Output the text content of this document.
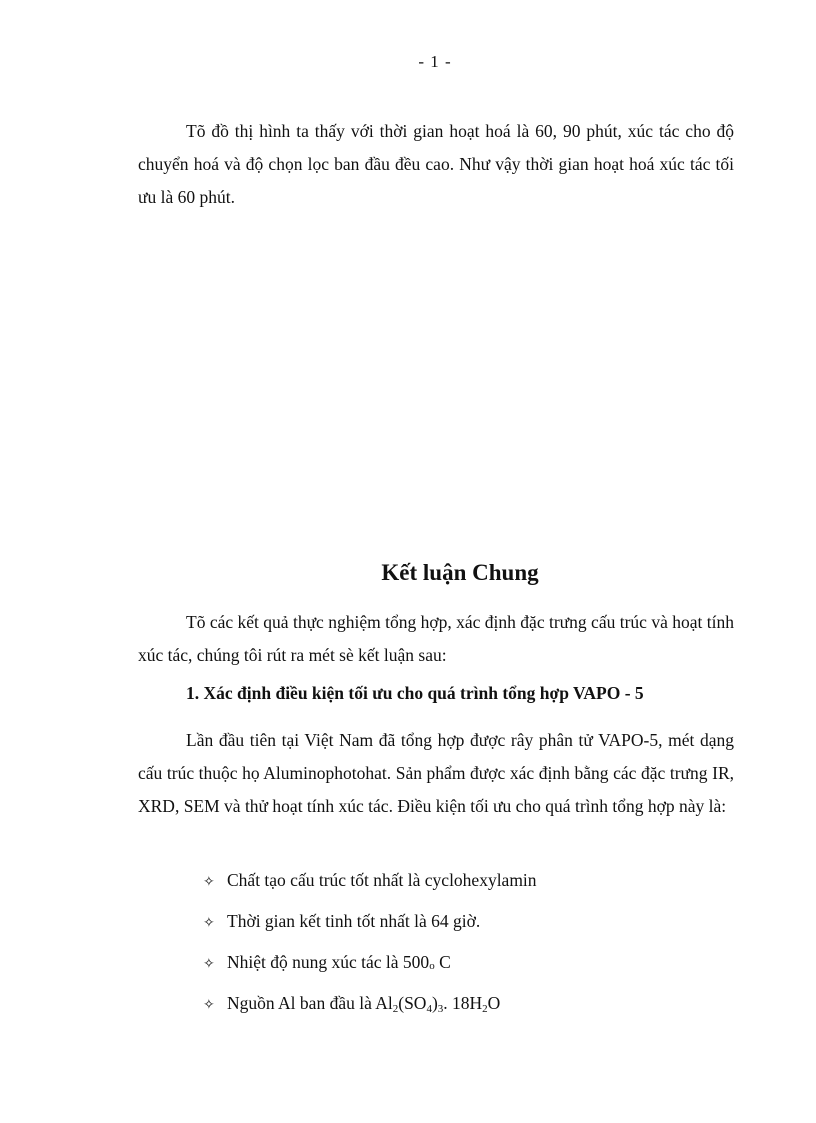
- 1 -

Tõ đồ thị hình ta thấy với thời gian hoạt hoá là 60, 90 phút, xúc tác cho độ chuyển hoá và độ chọn lọc ban đầu đều cao. Như vậy thời gian hoạt hoá xúc tác tối ưu là 60 phút.

Kết luận Chung

Tõ các kết quả thực nghiệm tổng hợp, xác định đặc trưng cấu trúc và hoạt tính xúc tác, chúng tôi rút ra mét sè kết luận sau:

1. Xác định điều kiện tối ưu cho quá trình tổng hợp VAPO - 5

Lần đầu tiên tại Việt Nam đã tổng hợp được rây phân tử VAPO-5, mét dạng cấu trúc thuộc họ Aluminophotohat. Sản phẩm được xác định bằng các đặc trưng IR, XRD, SEM và thử hoạt tính xúc tác. Điều kiện tối ưu cho quá trình tổng hợp này là:

✧ Chất tạo cấu trúc tốt nhất là cyclohexylamin
✧ Thời gian kết tinh tốt nhất là 64 giờ.
✧ Nhiệt độ nung xúc tác là 500$^o$ C
✧ Nguồn Al ban đầu là $Al_2(SO_4)_3$. $18H_2O$
